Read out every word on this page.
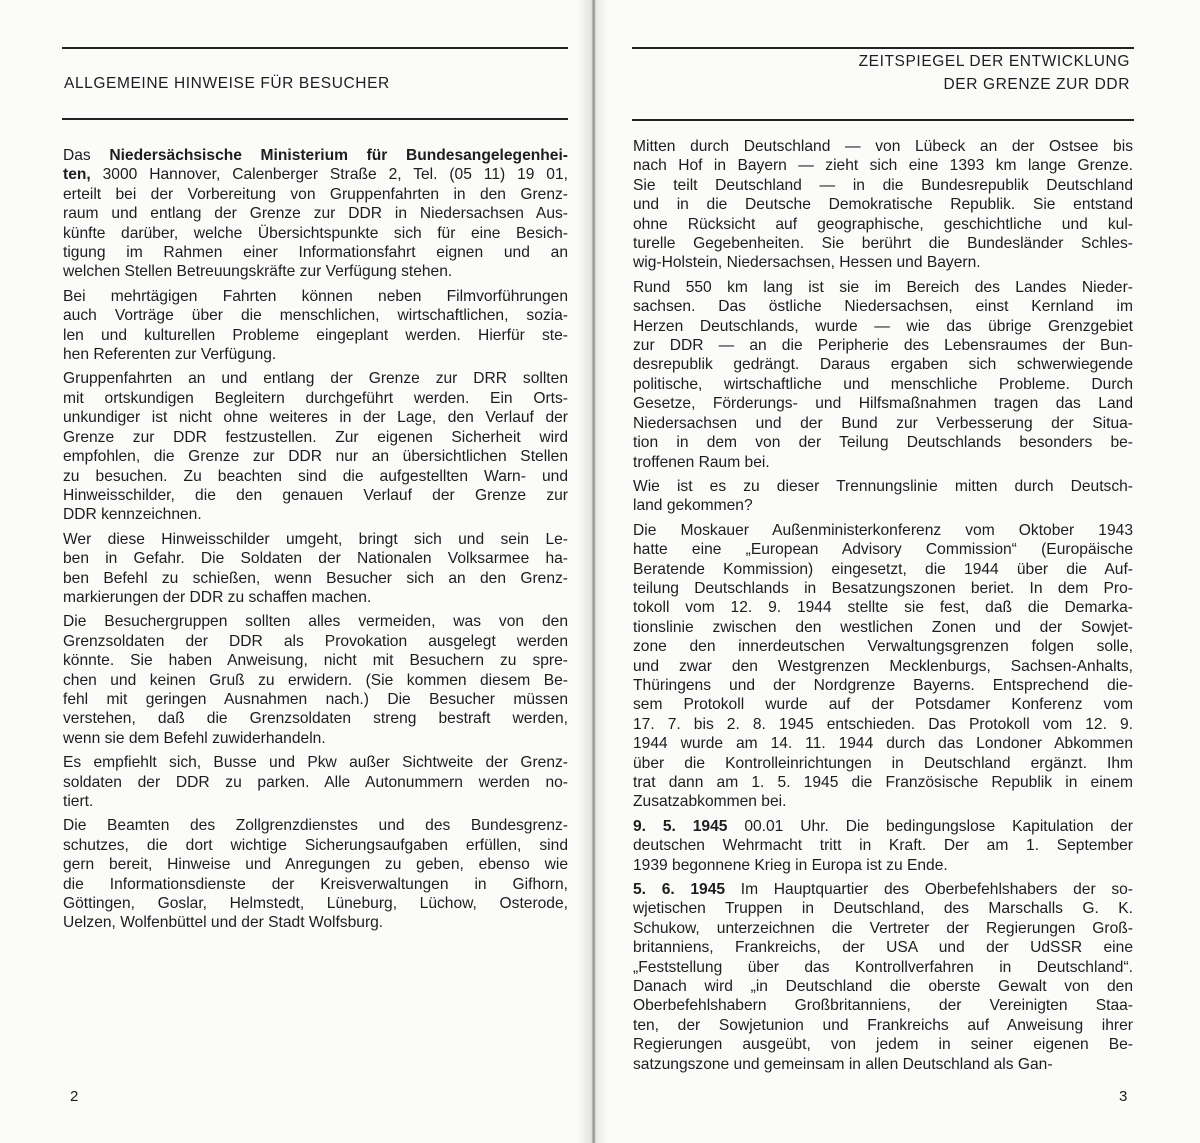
ALLGEMEINE HINWEISE FÜR BESUCHER
Das Niedersächsische Ministerium für Bundesangelegenhei-
ten, 3000 Hannover, Calenberger Straße 2, Tel. (05 11) 19 01,
erteilt bei der Vorbereitung von Gruppenfahrten in den Grenz-
raum und entlang der Grenze zur DDR in Niedersachsen Aus-
künfte darüber, welche Übersichtspunkte sich für eine Besich-
tigung im Rahmen einer Informationsfahrt eignen und an
welchen Stellen Betreuungskräfte zur Verfügung stehen.
Bei mehrtägigen Fahrten können neben Filmvorführungen
auch Vorträge über die menschlichen, wirtschaftlichen, sozia-
len und kulturellen Probleme eingeplant werden. Hierfür ste-
hen Referenten zur Verfügung.
Gruppenfahrten an und entlang der Grenze zur DRR sollten
mit ortskundigen Begleitern durchgeführt werden. Ein Orts-
unkundiger ist nicht ohne weiteres in der Lage, den Verlauf der
Grenze zur DDR festzustellen. Zur eigenen Sicherheit wird
empfohlen, die Grenze zur DDR nur an übersichtlichen Stellen
zu besuchen. Zu beachten sind die aufgestellten Warn- und
Hinweisschilder, die den genauen Verlauf der Grenze zur
DDR kennzeichnen.
Wer diese Hinweisschilder umgeht, bringt sich und sein Le-
ben in Gefahr. Die Soldaten der Nationalen Volksarmee ha-
ben Befehl zu schießen, wenn Besucher sich an den Grenz-
markierungen der DDR zu schaffen machen.
Die Besuchergruppen sollten alles vermeiden, was von den
Grenzsoldaten der DDR als Provokation ausgelegt werden
könnte. Sie haben Anweisung, nicht mit Besuchern zu spre-
chen und keinen Gruß zu erwidern. (Sie kommen diesem Be-
fehl mit geringen Ausnahmen nach.) Die Besucher müssen
verstehen, daß die Grenzsoldaten streng bestraft werden,
wenn sie dem Befehl zuwiderhandeln.
Es empfiehlt sich, Busse und Pkw außer Sichtweite der Grenz-
soldaten der DDR zu parken. Alle Autonummern werden no-
tiert.
Die Beamten des Zollgrenzdienstes und des Bundesgrenz-
schutzes, die dort wichtige Sicherungsaufgaben erfüllen, sind
gern bereit, Hinweise und Anregungen zu geben, ebenso wie
die Informationsdienste der Kreisverwaltungen in Gifhorn,
Göttingen, Goslar, Helmstedt, Lüneburg, Lüchow, Osterode,
Uelzen, Wolfenbüttel und der Stadt Wolfsburg.
2
ZEITSPIEGEL DER ENTWICKLUNG
DER GRENZE ZUR DDR
Mitten durch Deutschland — von Lübeck an der Ostsee bis
nach Hof in Bayern — zieht sich eine 1393 km lange Grenze.
Sie teilt Deutschland — in die Bundesrepublik Deutschland
und in die Deutsche Demokratische Republik. Sie entstand
ohne Rücksicht auf geographische, geschichtliche und kul-
turelle Gegebenheiten. Sie berührt die Bundesländer Schles-
wig-Holstein, Niedersachsen, Hessen und Bayern.
Rund 550 km lang ist sie im Bereich des Landes Nieder-
sachsen. Das östliche Niedersachsen, einst Kernland im
Herzen Deutschlands, wurde — wie das übrige Grenzgebiet
zur DDR — an die Peripherie des Lebensraumes der Bun-
desrepublik gedrängt. Daraus ergaben sich schwerwiegende
politische, wirtschaftliche und menschliche Probleme. Durch
Gesetze, Förderungs- und Hilfsmaßnahmen tragen das Land
Niedersachsen und der Bund zur Verbesserung der Situa-
tion in dem von der Teilung Deutschlands besonders be-
troffenen Raum bei.
Wie ist es zu dieser Trennungslinie mitten durch Deutsch-
land gekommen?
Die Moskauer Außenministerkonferenz vom Oktober 1943
hatte eine „European Advisory Commission“ (Europäische
Beratende Kommission) eingesetzt, die 1944 über die Auf-
teilung Deutschlands in Besatzungszonen beriet. In dem Pro-
tokoll vom 12. 9. 1944 stellte sie fest, daß die Demarka-
tionslinie zwischen den westlichen Zonen und der Sowjet-
zone den innerdeutschen Verwaltungsgrenzen folgen solle,
und zwar den Westgrenzen Mecklenburgs, Sachsen-Anhalts,
Thüringens und der Nordgrenze Bayerns. Entsprechend die-
sem Protokoll wurde auf der Potsdamer Konferenz vom
17. 7. bis 2. 8. 1945 entschieden. Das Protokoll vom 12. 9.
1944 wurde am 14. 11. 1944 durch das Londoner Abkommen
über die Kontrolleinrichtungen in Deutschland ergänzt. Ihm
trat dann am 1. 5. 1945 die Französische Republik in einem
Zusatzabkommen bei.
9. 5. 1945 00.01 Uhr. Die bedingungslose Kapitulation der
deutschen Wehrmacht tritt in Kraft. Der am 1. September
1939 begonnene Krieg in Europa ist zu Ende.
5. 6. 1945 Im Hauptquartier des Oberbefehlshabers der so-
wjetischen Truppen in Deutschland, des Marschalls G. K.
Schukow, unterzeichnen die Vertreter der Regierungen Groß-
britanniens, Frankreichs, der USA und der UdSSR eine
„Feststellung über das Kontrollverfahren in Deutschland“.
Danach wird „in Deutschland die oberste Gewalt von den
Oberbefehlshabern Großbritanniens, der Vereinigten Staa-
ten, der Sowjetunion und Frankreichs auf Anweisung ihrer
Regierungen ausgeübt, von jedem in seiner eigenen Be-
satzungszone und gemeinsam in allen Deutschland als Gan-
3
